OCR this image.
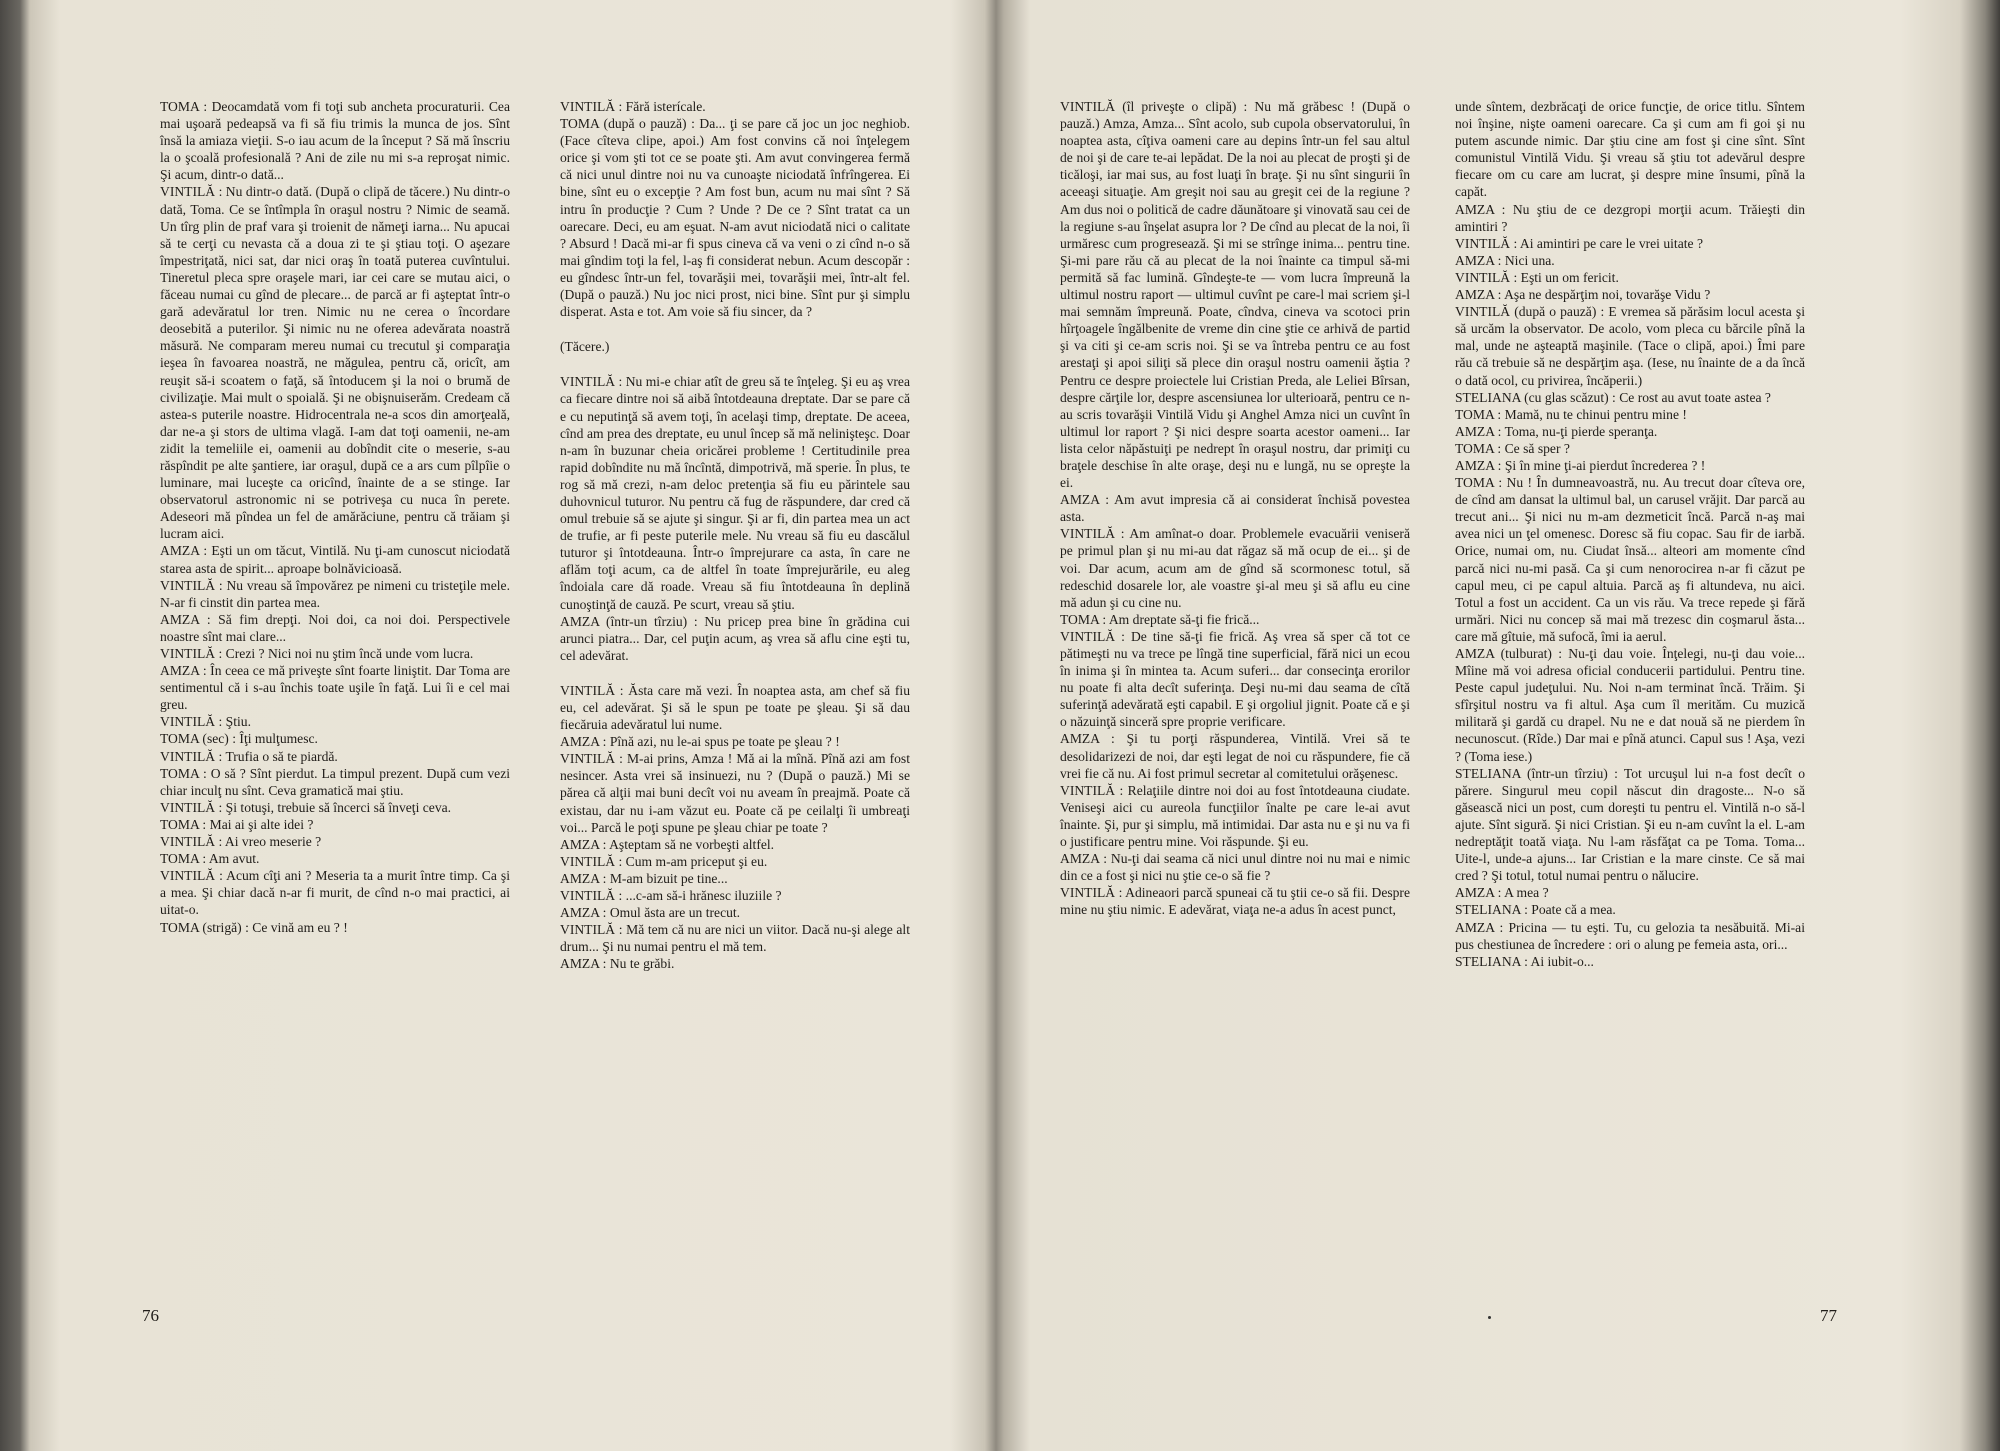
TOMA : Deocamdată vom fi toţi sub ancheta procuraturii. Cea mai uşoară pedeapsă va fi să fiu trimis la munca de jos. Sînt însă la amiaza vieţii. S-o iau acum de la început ? Să mă înscriu la o şcoală profesională ? Ani de zile nu mi s-a reproşat nimic. Şi acum, dintr-o dată...

VINTILĂ : Nu dintr-o dată. (După o clipă de tăcere.) Nu dintr-o dată, Toma. Ce se întîmpla în oraşul nostru ? Nimic de seamă. Un tîrg plin de praf vara şi troienit de nămeţi iarna... Nu apucai să te cerţi cu nevasta că a doua zi te şi ştiau toţi. O aşezare împestriţată, nici sat, dar nici oraş în toată puterea cuvîntului. Tineretul pleca spre oraşele mari, iar cei care se mutau aici, o făceau numai cu gînd de plecare... de parcă ar fi aşteptat într-o gară adevăratul lor tren. Nimic nu ne cerea o încordare deosebită a puterilor. Şi nimic nu ne oferea adevărata noastră măsură. Ne comparam mereu numai cu trecutul şi comparaţia ieşea în favoarea noastră, ne măgulea, pentru că, oricît, am reuşit să-i scoatem o faţă, să întoducem şi la noi o brumă de civilizaţie. Mai mult o spoială. Şi ne obişnuiserăm. Credeam că astea-s puterile noastre. Hidrocentrala ne-a scos din amorţeală, dar ne-a şi stors de ultima vlagă. I-am dat toţi oamenii, ne-am zidit la temeliile ei, oamenii au dobîndit cite o meserie, s-au răspîndit pe alte şantiere, iar oraşul, după ce a ars cum pîlpîie o luminare, mai luceşte ca oricînd, înainte de a se stinge. Iar observatorul astronomic ni se potriveşa cu nuca în perete. Adeseori mă pîndea un fel de amărăciune, pentru că trăiam şi lucram aici.

AMZA : Eşti un om tăcut, Vintilă. Nu ţi-am cunoscut niciodată starea asta de spirit... aproape bolnăvicioasă.

VINTILĂ : Nu vreau să împovărez pe nimeni cu tristeţile mele. N-ar fi cinstit din partea mea.

AMZA : Să fim drepţi. Noi doi, ca noi doi. Perspectivele noastre sînt mai clare...

VINTILĂ : Crezi ? Nici noi nu ştim încă unde vom lucra.

AMZA : În ceea ce mă priveşte sînt foarte liniştit. Dar Toma are sentimentul că i s-au închis toate uşile în faţă. Lui îi e cel mai greu.

VINTILĂ : Ştiu.

TOMA (sec) : Îţi mulţumesc.

VINTILĂ : Trufia o să te piardă.

TOMA : O să ? Sînt pierdut. La timpul prezent. După cum vezi chiar inculţ nu sînt. Ceva gramatică mai ştiu.

VINTILĂ : Şi totuşi, trebuie să încerci să înveţi ceva.

TOMA : Mai ai şi alte idei ?

VINTILĂ : Ai vreo meserie ?

TOMA : Am avut.

VINTILĂ : Acum cîţi ani ? Meseria ta a murit între timp. Ca şi a mea. Şi chiar dacă n-ar fi murit, de cînd n-o mai practici, ai uitat-o.

TOMA (strigă) : Ce vină am eu ? !

VINTILĂ : Fără isterícale.

TOMA (după o pauză) : Da... ţi se pare că joc un joc neghiob. (Face cîteva clipe, apoi.) Am fost convins că noi înţelegem orice şi vom şti tot ce se poate şti. Am avut convingerea fermă că nici unul dintre noi nu va cunoaşte niciodată înfrîngerea. Ei bine, sînt eu o excepţie ? Am fost bun, acum nu mai sînt ? Să intru în producţie ? Cum ? Unde ? De ce ? Sînt tratat ca un oarecare. Deci, eu am eşuat. N-am avut niciodată nici o calitate ? Absurd ! Dacă mi-ar fi spus cineva că va veni o zi cînd n-o să mai gîndim toţi la fel, l-aş fi considerat nebun. Acum descopăr : eu gîndesc într-un fel, tovarăşii mei, tovarăşii mei, într-alt fel. (După o pauză.) Nu joc nici prost, nici bine. Sînt pur şi simplu disperat. Asta e tot. Am voie să fiu sincer, da ?

(Tăcere.)

VINTILĂ : Nu mi-e chiar atît de greu să te înţeleg. Şi eu aş vrea ca fiecare dintre noi să aibă întotdeauna dreptate. Dar se pare că e cu neputinţă să avem toţi, în acelaşi timp, dreptate. De aceea, cînd am prea des dreptate, eu unul încep să mă nelinişteşc. Doar n-am în buzunar cheia oricărei probleme ! Certitudinile prea rapid dobîndite nu mă încîntă, dimpotrivă, mă sperie. În plus, te rog să mă crezi, n-am deloc pretenţia să fiu eu părintele sau duhovnicul tuturor. Nu pentru că fug de răspundere, dar cred că omul trebuie să se ajute şi singur. Şi ar fi, din partea mea un act de trufie, ar fi peste puterile mele. Nu vreau să fiu eu dascălul tuturor şi întotdeauna. Într-o împrejurare ca asta, în care ne aflăm toţi acum, ca de altfel în toate împrejurările, eu aleg îndoiala care dă roade. Vreau să fiu întotdeauna în deplină cunoştinţă de cauză. Pe scurt, vreau să ştiu.

AMZA (într-un tîrziu) : Nu pricep prea bine în grădina cui arunci piatra... Dar, cel puţin acum, aş vrea să aflu cine eşti tu, cel adevărat.

VINTILĂ : Ăsta care mă vezi. În noaptea asta, am chef să fiu eu, cel adevărat. Şi să le spun pe toate pe şleau. Şi să dau fiecăruia adevăratul lui nume.

AMZA : Pînă azi, nu le-ai spus pe toate pe şleau ? !

VINTILĂ : M-ai prins, Amza ! Mă ai la mînă. Pînă azi am fost nesincer. Asta vrei să insinuezi, nu ? (După o pauză.) Mi se părea că alţii mai buni decît voi nu aveam în preajmă. Poate că existau, dar nu i-am văzut eu. Poate că pe ceilalţi îi umbreaţi voi... Parcă le poţi spune pe şleau chiar pe toate ?

AMZA : Aşteptam să ne vorbeşti altfel.

VINTILĂ : Cum m-am priceput şi eu.

AMZA : M-am bizuit pe tine...

VINTILĂ : ...c-am să-i hrănesc iluziile ?

AMZA : Omul ăsta are un trecut.

VINTILĂ : Mă tem că nu are nici un viitor. Dacă nu-şi alege alt drum... Şi nu numai pentru el mă tem.

AMZA : Nu te grăbi.

76

VINTILĂ (îl priveşte o clipă) : Nu mă grăbesc ! (După o pauză.) Amza, Amza... Sînt acolo, sub cupola observatorului, în noaptea asta, cîţiva oameni care au depins într-un fel sau altul de noi şi de care te-ai lepădat. De la noi au plecat de proşti şi de ticăloşi, iar mai sus, au fost luaţi în braţe. Şi nu sînt singurii în aceeaşi situaţie. Am greşit noi sau au greşit cei de la regiune ? Am dus noi o politică de cadre dăunătoare şi vinovată sau cei de la regiune s-au înşelat asupra lor ? De cînd au plecat de la noi, îi urmăresc cum progresează. Şi mi se strînge inima... pentru tine. Şi-mi pare rău că au plecat de la noi înainte ca timpul să-mi permită să fac lumină. Gîndeşte-te — vom lucra împreună la ultimul nostru raport — ultimul cuvînt pe care-l mai scriem şi-l mai semnăm împreună. Poate, cîndva, cineva va scotoci prin hîrţoagele îngălbenite de vreme din cine ştie ce arhivă de partid şi va citi şi ce-am scris noi. Şi se va întreba pentru ce au fost arestaţi şi apoi siliţi să plece din oraşul nostru oamenii ăştia ? Pentru ce despre proiectele lui Cristian Preda, ale Leliei Bîrsan, despre cărţile lor, despre ascensiunea lor ulterioară, pentru ce n-au scris tovarăşii Vintilă Vidu şi Anghel Amza nici un cuvînt în ultimul lor raport ? Şi nici despre soarta acestor oameni... Iar lista celor năpăstuiţi pe nedrept în oraşul nostru, dar primiţi cu braţele deschise în alte oraşe, deşi nu e lungă, nu se opreşte la ei.

AMZA : Am avut impresia că ai considerat închisă povestea asta.

VINTILĂ : Am amînat-o doar. Problemele evacuării veniseră pe primul plan şi nu mi-au dat răgaz să mă ocup de ei... şi de voi. Dar acum, acum am de gînd să scormonesc totul, să redeschid dosarele lor, ale voastre şi-al meu şi să aflu eu cine mă adun şi cu cine nu.

TOMA : Am dreptate să-ţi fie frică...

VINTILĂ : De tine să-ţi fie frică. Aş vrea să sper că tot ce pătimeşti nu va trece pe lîngă tine superficial, fără nici un ecou în inima şi în mintea ta. Acum suferi... dar consecinţa erorilor nu poate fi alta decît suferinţa. Deşi nu-mi dau seama de cîtă suferinţă adevărată eşti capabil. E şi orgoliul jignit. Poate că e şi o năzuinţă sinceră spre proprie verificare.

AMZA : Şi tu porţi răspunderea, Vintilă. Vrei să te desolidarizezi de noi, dar eşti legat de noi cu răspundere, fie că vrei fie că nu. Ai fost primul secretar al comitetului orăşenesc.

VINTILĂ : Relaţiile dintre noi doi au fost întotdeauna ciudate. Veniseşi aici cu aureola funcţiilor înalte pe care le-ai avut înainte. Şi, pur şi simplu, mă intimidai. Dar asta nu e şi nu va fi o justificare pentru mine. Voi răspunde. Şi eu.

AMZA : Nu-ţi dai seama că nici unul dintre noi nu mai e nimic din ce a fost şi nici nu ştie ce-o să fie ?

VINTILĂ : Adineaori parcă spuneai că tu ştii ce-o să fii. Despre mine nu ştiu nimic. E adevărat, viaţa ne-a adus în acest punct,

unde sîntem, dezbrăcaţi de orice funcţie, de orice titlu. Sîntem noi înşine, nişte oameni oarecare. Ca şi cum am fi goi şi nu putem ascunde nimic. Dar ştiu cine am fost şi cine sînt. Sînt comunistul Vintilă Vidu. Şi vreau să ştiu tot adevărul despre fiecare om cu care am lucrat, şi despre mine însumi, pînă la capăt.

AMZA : Nu ştiu de ce dezgropi morţii acum. Trăieşti din amintiri ?

VINTILĂ : Ai amintiri pe care le vrei uitate ?

AMZA : Nici una.

VINTILĂ : Eşti un om fericit.

AMZA : Aşa ne despărţim noi, tovarăşe Vidu ?

VINTILĂ (după o pauză) : E vremea să părăsim locul acesta şi să urcăm la observator. De acolo, vom pleca cu bărcile pînă la mal, unde ne aşteaptă maşinile. (Tace o clipă, apoi.) Îmi pare rău că trebuie să ne despărţim aşa. (Iese, nu înainte de a da încă o dată ocol, cu privirea, încăperii.)

STELIANA (cu glas scăzut) : Ce rost au avut toate astea ?

TOMA : Mamă, nu te chinui pentru mine !

AMZA : Toma, nu-ţi pierde speranţa.

TOMA : Ce să sper ?

AMZA : Şi în mine ţi-ai pierdut încrederea ? !

TOMA : Nu ! În dumneavoastră, nu. Au trecut doar cîteva ore, de cînd am dansat la ultimul bal, un carusel vrăjit. Dar parcă au trecut ani... Şi nici nu m-am dezmeticit încă. Parcă n-aş mai avea nici un ţel omenesc. Doresc să fiu copac. Sau fir de iarbă. Orice, numai om, nu. Ciudat însă... alteori am momente cînd parcă nici nu-mi pasă. Ca şi cum nenorocirea n-ar fi căzut pe capul meu, ci pe capul altuia. Parcă aş fi altundeva, nu aici. Totul a fost un accident. Ca un vis rău. Va trece repede şi fără urmări. Nici nu concep să mai mă trezesc din coşmarul ăsta... care mă gîtuie, mă sufocă, îmi ia aerul.

AMZA (tulburat) : Nu-ţi dau voie. Înţelegi, nu-ţi dau voie... Mîine mă voi adresa oficial conducerii partidului. Pentru tine. Peste capul judeţului. Nu. Noi n-am terminat încă. Trăim. Şi sfîrşitul nostru va fi altul. Aşa cum îl merităm. Cu muzică militară şi gardă cu drapel. Nu ne e dat nouă să ne pierdem în necunoscut. (Rîde.) Dar mai e pînă atunci. Capul sus ! Aşa, vezi ? (Toma iese.)

STELIANA (într-un tîrziu) : Tot urcuşul lui n-a fost decît o părere. Singurul meu copil născut din dragoste... N-o să găsească nici un post, cum doreşti tu pentru el. Vintilă n-o să-l ajute. Sînt sigură. Şi nici Cristian. Şi eu n-am cuvînt la el. L-am nedreptăţit toată viaţa. Nu l-am răsfăţat ca pe Toma. Toma... Uite-l, unde-a ajuns... Iar Cristian e la mare cinste. Ce să mai cred ? Şi totul, totul numai pentru o nălucire.

AMZA : A mea ?

STELIANA : Poate că a mea.

AMZA : Pricina — tu eşti. Tu, cu gelozia ta nesăbuită. Mi-ai pus chestiunea de încredere : ori o alung pe femeia asta, ori...

STELIANA : Ai iubit-o...

77
